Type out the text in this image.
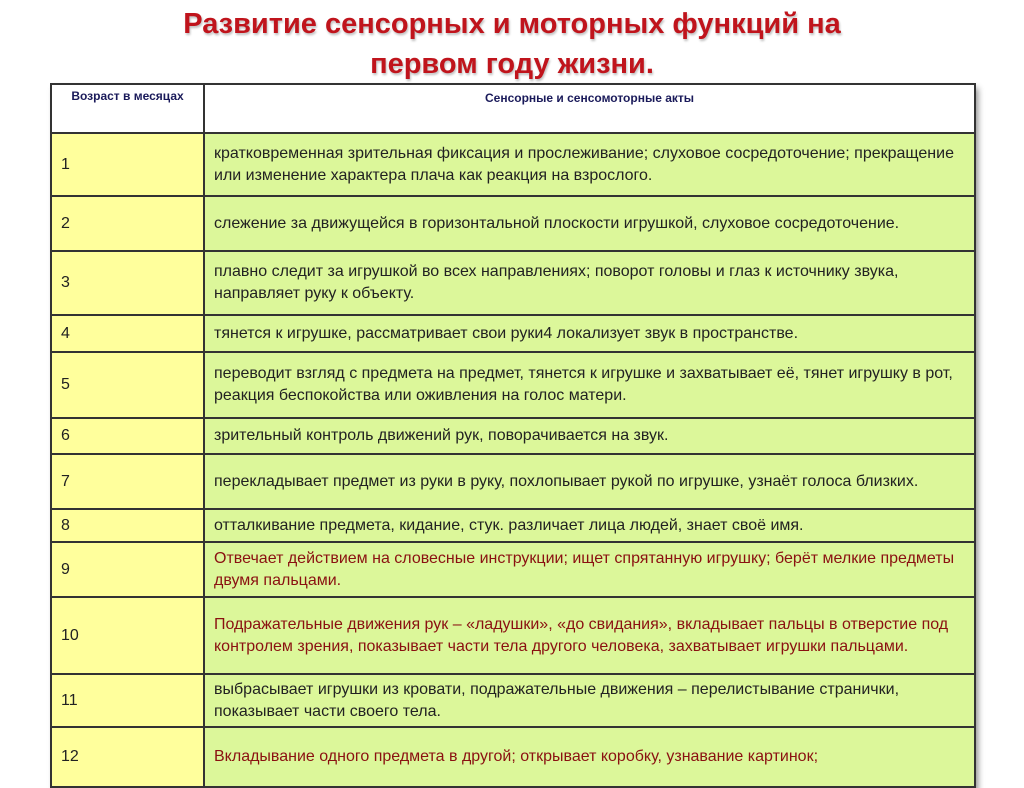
Развитие сенсорных и моторных функций на
первом году жизни.
Возраст в месяцах	Сенсорные и сенсомоторные акты
1	кратковременная зрительная фиксация и прослеживание; слуховое сосредоточение; прекращение или изменение характера плача как реакция на взрослого.
2	слежение за движущейся в горизонтальной плоскости игрушкой, слуховое сосредоточение.
3	плавно следит за игрушкой во всех направлениях; поворот головы и глаз к источнику звука, направляет руку к объекту.
4	тянется к игрушке, рассматривает свои руки4 локализует звук в пространстве.
5	переводит взгляд с предмета на предмет, тянется к игрушке и захватывает её, тянет игрушку в рот, реакция беспокойства или оживления на голос матери.
6	зрительный контроль движений рук, поворачивается на звук.
7	перекладывает предмет из руки в руку, похлопывает рукой по игрушке, узнаёт голоса близких.
8	отталкивание предмета, кидание, стук. различает лица людей, знает своё имя.
9	Отвечает действием на словесные инструкции; ищет спрятанную игрушку; берёт мелкие предметы двумя пальцами.
10	Подражательные движения рук – «ладушки», «до свидания», вкладывает пальцы в отверстие под контролем зрения, показывает части тела другого человека, захватывает игрушки пальцами.
11	выбрасывает игрушки из кровати, подражательные движения – перелистывание странички, показывает части своего тела.
12	Вкладывание одного предмета в другой; открывает коробку, узнавание картинок;
